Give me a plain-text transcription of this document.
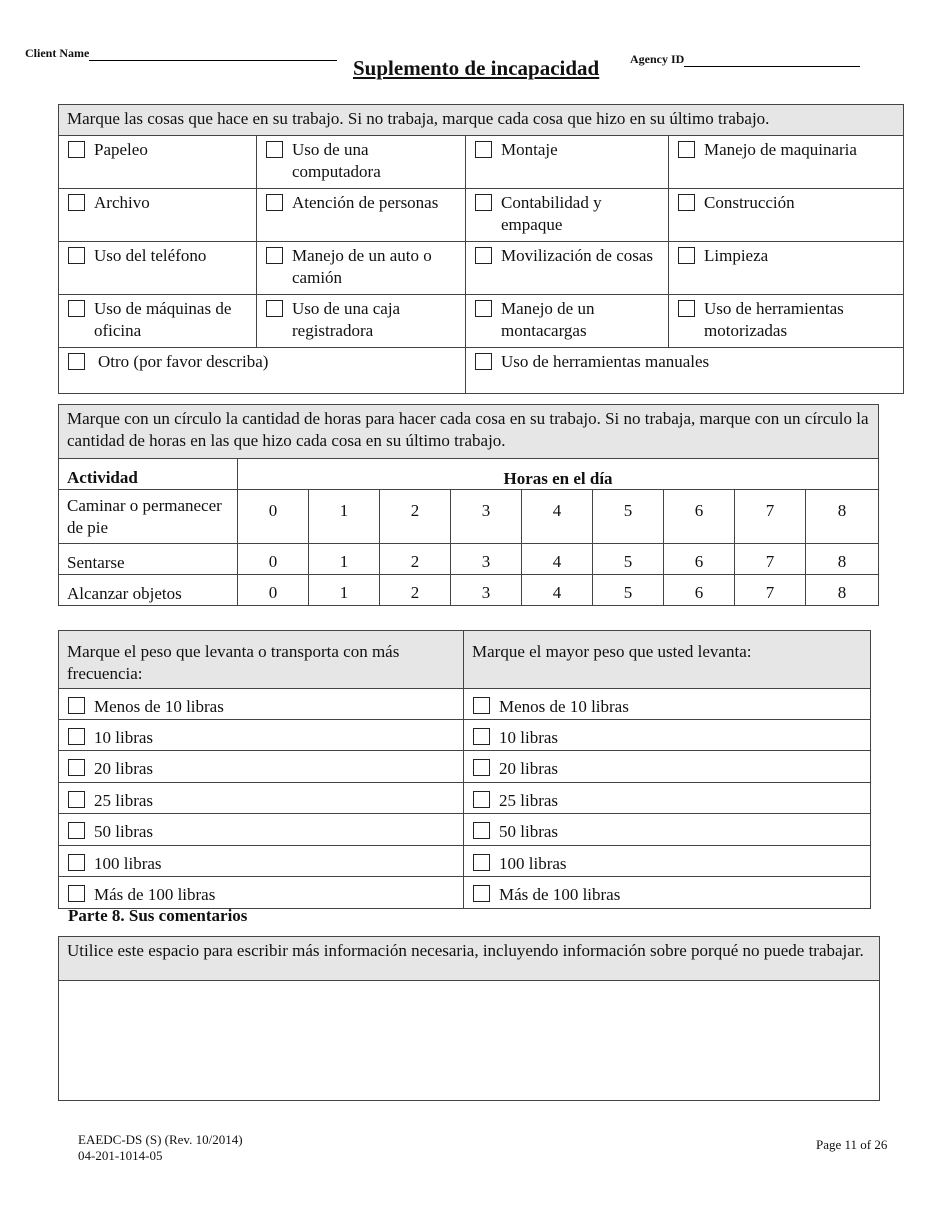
Client Name
Suplemento de incapacidad	Agency ID
Marque las cosas que hace en su trabajo. Si no trabaja, marque cada cosa que hizo en su último trabajo.			

Papeleo	Uso de una computadora	Montaje	Manejo de maquinaria

Archivo	Atención de personas	Contabilidad y empaque	Construcción

Uso del teléfono	Manejo de un auto o camión	Movilización de cosas	Limpieza

Uso de máquinas de oficina	Uso de una caja registradora	Manejo de un montacargas	Uso de herramientas motorizadas

Otro (por favor describa)		Uso de herramientas manuales	
Marque con un círculo la cantidad de horas para hacer cada cosa en su trabajo. Si no trabaja, marque con un círculo la cantidad de horas en las que hizo cada cosa en su último trabajo.									
Actividad	Horas en el día								
Caminar o permanecer de pie	0	1	2	3	4	5	6	7	8
Sentarse	0	1	2	3	4	5	6	7	8
Alcanzar objetos	0	1	2	3	4	5	6	7	8
Marque el peso que levanta o transporta con más frecuencia:	Marque el mayor peso que usted levanta:

Menos de 10 libras	Menos de 10 libras

10 libras	10 libras

20 libras	20 libras

25 libras	25 libras

50 libras	50 libras

100 libras	100 libras

Más de 100 libras	Más de 100 libras
Parte 8. Sus comentarios
Utilice este espacio para escribir más información necesaria, incluyendo información sobre porqué no puede trabajar.

EAEDC-DS (S) (Rev. 10/2014)
04-201-1014-05
Page 11 of 26
